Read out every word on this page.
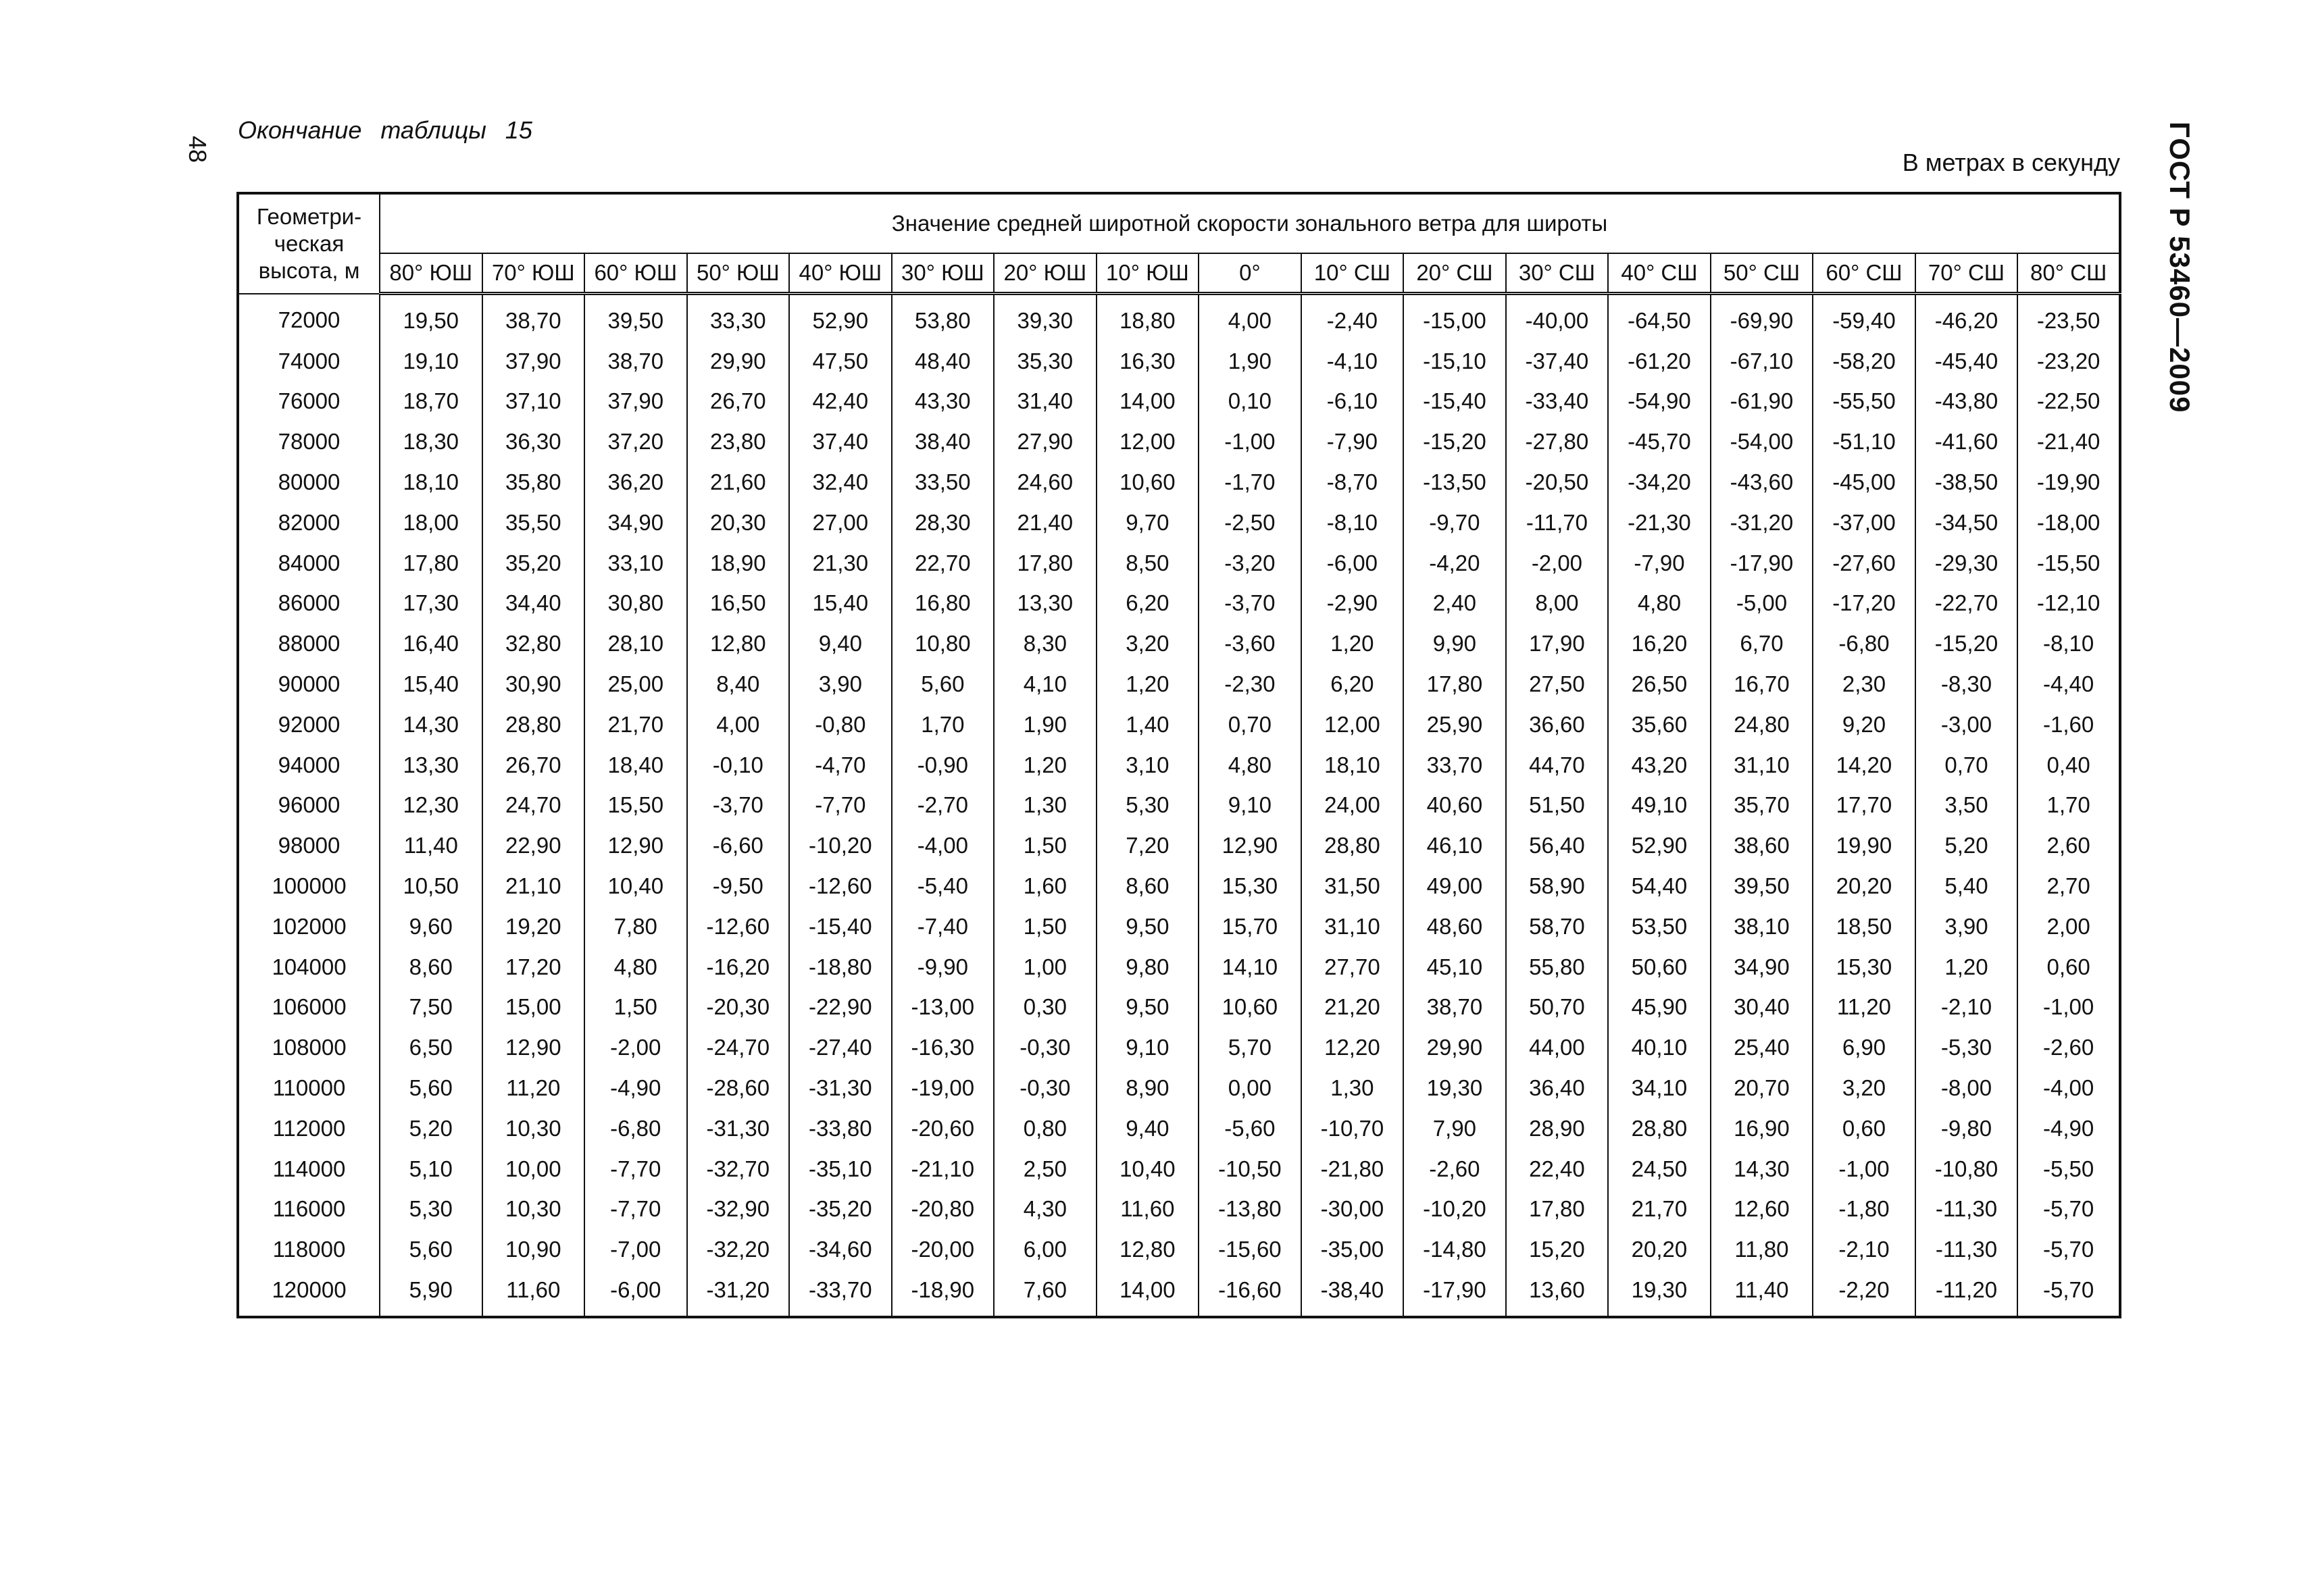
48
Окончание таблицы 15
В метрах в секунду	ГОСТ Р 53460—2009
Геометри-ческая высота, м	Значение средней широтной скорости зонального ветра для широты																
	80° ЮШ	70° ЮШ	60° ЮШ	50° ЮШ	40° ЮШ	30° ЮШ	20° ЮШ	10° ЮШ	0°	10° СШ	20° СШ	30° СШ	40° СШ	50° СШ	60° СШ	70° СШ	80° СШ
72000	19,50	38,70	39,50	33,30	52,90	53,80	39,30	18,80	4,00	-2,40	-15,00	-40,00	-64,50	-69,90	-59,40	-46,20	-23,50
74000	19,10	37,90	38,70	29,90	47,50	48,40	35,30	16,30	1,90	-4,10	-15,10	-37,40	-61,20	-67,10	-58,20	-45,40	-23,20
76000	18,70	37,10	37,90	26,70	42,40	43,30	31,40	14,00	0,10	-6,10	-15,40	-33,40	-54,90	-61,90	-55,50	-43,80	-22,50
78000	18,30	36,30	37,20	23,80	37,40	38,40	27,90	12,00	-1,00	-7,90	-15,20	-27,80	-45,70	-54,00	-51,10	-41,60	-21,40
80000	18,10	35,80	36,20	21,60	32,40	33,50	24,60	10,60	-1,70	-8,70	-13,50	-20,50	-34,20	-43,60	-45,00	-38,50	-19,90
82000	18,00	35,50	34,90	20,30	27,00	28,30	21,40	9,70	-2,50	-8,10	-9,70	-11,70	-21,30	-31,20	-37,00	-34,50	-18,00
84000	17,80	35,20	33,10	18,90	21,30	22,70	17,80	8,50	-3,20	-6,00	-4,20	-2,00	-7,90	-17,90	-27,60	-29,30	-15,50
86000	17,30	34,40	30,80	16,50	15,40	16,80	13,30	6,20	-3,70	-2,90	2,40	8,00	4,80	-5,00	-17,20	-22,70	-12,10
88000	16,40	32,80	28,10	12,80	9,40	10,80	8,30	3,20	-3,60	1,20	9,90	17,90	16,20	6,70	-6,80	-15,20	-8,10
90000	15,40	30,90	25,00	8,40	3,90	5,60	4,10	1,20	-2,30	6,20	17,80	27,50	26,50	16,70	2,30	-8,30	-4,40
92000	14,30	28,80	21,70	4,00	-0,80	1,70	1,90	1,40	0,70	12,00	25,90	36,60	35,60	24,80	9,20	-3,00	-1,60
94000	13,30	26,70	18,40	-0,10	-4,70	-0,90	1,20	3,10	4,80	18,10	33,70	44,70	43,20	31,10	14,20	0,70	0,40
96000	12,30	24,70	15,50	-3,70	-7,70	-2,70	1,30	5,30	9,10	24,00	40,60	51,50	49,10	35,70	17,70	3,50	1,70
98000	11,40	22,90	12,90	-6,60	-10,20	-4,00	1,50	7,20	12,90	28,80	46,10	56,40	52,90	38,60	19,90	5,20	2,60
100000	10,50	21,10	10,40	-9,50	-12,60	-5,40	1,60	8,60	15,30	31,50	49,00	58,90	54,40	39,50	20,20	5,40	2,70
102000	9,60	19,20	7,80	-12,60	-15,40	-7,40	1,50	9,50	15,70	31,10	48,60	58,70	53,50	38,10	18,50	3,90	2,00
104000	8,60	17,20	4,80	-16,20	-18,80	-9,90	1,00	9,80	14,10	27,70	45,10	55,80	50,60	34,90	15,30	1,20	0,60
106000	7,50	15,00	1,50	-20,30	-22,90	-13,00	0,30	9,50	10,60	21,20	38,70	50,70	45,90	30,40	11,20	-2,10	-1,00
108000	6,50	12,90	-2,00	-24,70	-27,40	-16,30	-0,30	9,10	5,70	12,20	29,90	44,00	40,10	25,40	6,90	-5,30	-2,60
110000	5,60	11,20	-4,90	-28,60	-31,30	-19,00	-0,30	8,90	0,00	1,30	19,30	36,40	34,10	20,70	3,20	-8,00	-4,00
112000	5,20	10,30	-6,80	-31,30	-33,80	-20,60	0,80	9,40	-5,60	-10,70	7,90	28,90	28,80	16,90	0,60	-9,80	-4,90
114000	5,10	10,00	-7,70	-32,70	-35,10	-21,10	2,50	10,40	-10,50	-21,80	-2,60	22,40	24,50	14,30	-1,00	-10,80	-5,50
116000	5,30	10,30	-7,70	-32,90	-35,20	-20,80	4,30	11,60	-13,80	-30,00	-10,20	17,80	21,70	12,60	-1,80	-11,30	-5,70
118000	5,60	10,90	-7,00	-32,20	-34,60	-20,00	6,00	12,80	-15,60	-35,00	-14,80	15,20	20,20	11,80	-2,10	-11,30	-5,70
120000	5,90	11,60	-6,00	-31,20	-33,70	-18,90	7,60	14,00	-16,60	-38,40	-17,90	13,60	19,30	11,40	-2,20	-11,20	-5,70
